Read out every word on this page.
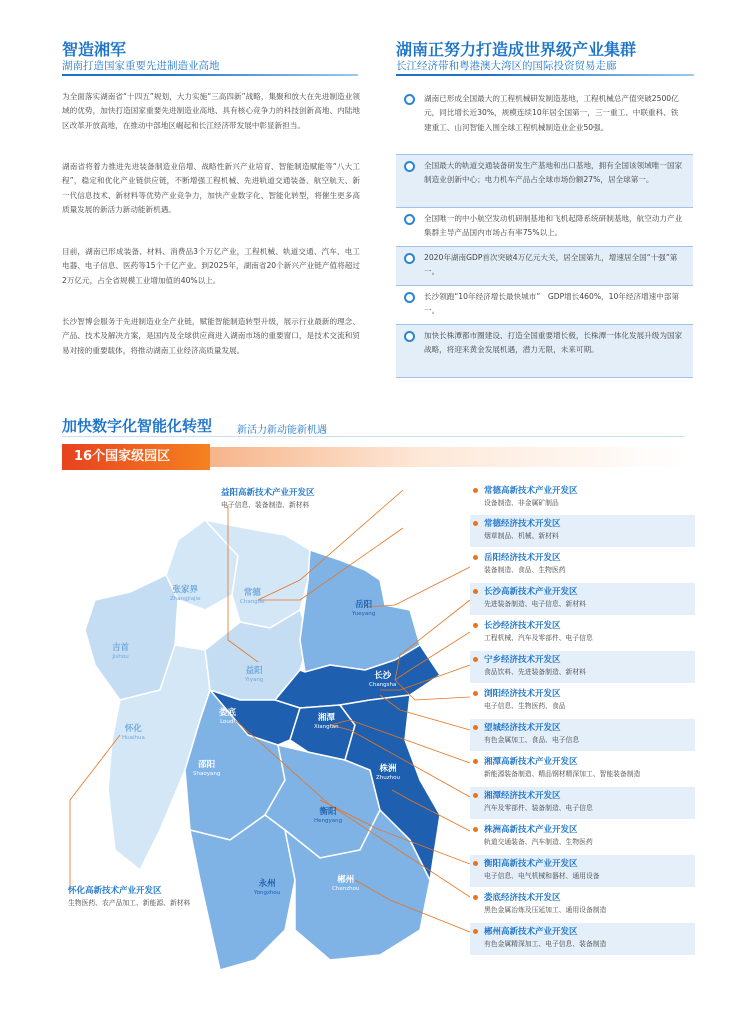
智造湘军
湖南打造国家重要先进制造业高地

为全面落实湖南省“十四五”规划，大力实施“三高四新”战略，集聚和放大在先进制造业领域的优势，加快打造国家重要先进制造业高地、具有核心竞争力的科技创新高地、内陆地区改革开放高地，在推动中部地区崛起和长江经济带发展中彰显新担当。

湖南省将着力推进先进装备制造业倍增、战略性新兴产业培育、智能制造赋能等“八大工程”，稳定和优化产业链供应链，不断增强工程机械、先进轨道交通装备、航空航天、新一代信息技术、新材料等优势产业竞争力，加快产业数字化、智能化转型，将催生更多高质量发展的新活力新动能新机遇。

目前，湖南已形成装备、材料、消费品3个万亿产业，工程机械、轨道交通、汽车、电工电器、电子信息、医药等15个千亿产业。到2025年，湖南省20个新兴产业链产值将超过2万亿元，占全省规模工业增加值的40%以上。

长沙智博会服务于先进制造业全产业链，赋能智能制造转型升级，展示行业最新的理念、产品、技术及解决方案，是国内及全球供应商进入湖南市场的重要窗口，是技术交流和贸易对接的重要载体，将推动湖南工业经济高质量发展。

湖南正努力打造成世界级产业集群
长江经济带和粤港澳大湾区的国际投资贸易走廊
湖南已形成全国最大的工程机械研发制造基地，工程机械总产值突破2500亿元，同比增长近30%，规模连续10年居全国第一，三一重工、中联重科、铁建重工、山河智能入围全球工程机械制造业企业50强。
全国最大的轨道交通装备研发生产基地和出口基地，拥有全国该领域唯一国家制造业创新中心；电力机车产品占全球市场份额27%，居全球第一。
全国唯一的中小航空发动机研制基地和飞机起降系统研制基地，航空动力产业集群主导产品国内市场占有率75%以上。
2020年湖南GDP首次突破4万亿元大关，居全国第九，增速居全国“十强”第一。
长沙领跑“10年经济增长最快城市”　GDP增长460%，10年经济增速中部第一。
加快长株潭都市圈建设、打造全国重要增长极，长株潭一体化发展升级为国家战略，将迎来黄金发展机遇，潜力无限，未来可期。
加快数字化智能化转型 新活力新动能新机遇
16个国家级园区
张家界
Zhangjiajie
常德
Changde	岳阳
Yueyang
吉首
Jishou
益阳
Yiyang	长沙
Changsha
怀化
Huaihua
娄底
Loudi	湘潭
Xiangtan
株洲
Zhuzhou
邵阳
Shaoyang
衡阳
Hengyang
永州
Yongzhou
郴州
Chenzhou
益阳高新技术产业开发区
电子信息、装备制造、新材料
怀化高新技术产业开发区
生物医药、农产品加工、新能源、新材料
常德高新技术产业开发区
设备制造、非金属矿制品
常德经济技术开发区
烟草制品、机械、新材料
岳阳经济技术开发区
装备制造、食品、生物医药
长沙高新技术产业开发区
先进装备制造、电子信息、新材料
长沙经济技术开发区
工程机械、汽车及零部件、电子信息
宁乡经济技术开发区
食品饮料、先进装备制造、新材料
浏阳经济技术开发区
电子信息、生物医药、食品
望城经济技术开发区
有色金属加工、食品、电子信息
湘潭高新技术产业开发区
新能源装备制造、精品钢材精深加工、智能装备制造
湘潭经济技术开发区
汽车及零部件、装备制造、电子信息
株洲高新技术产业开发区
轨道交通装备、汽车制造、生物医药
衡阳高新技术产业开发区
电子信息、电气机械和器材、通用设备
娄底经济技术开发区
黑色金属冶炼及压延加工、通用设备制造
郴州高新技术产业开发区
有色金属精深加工、电子信息、装备制造
